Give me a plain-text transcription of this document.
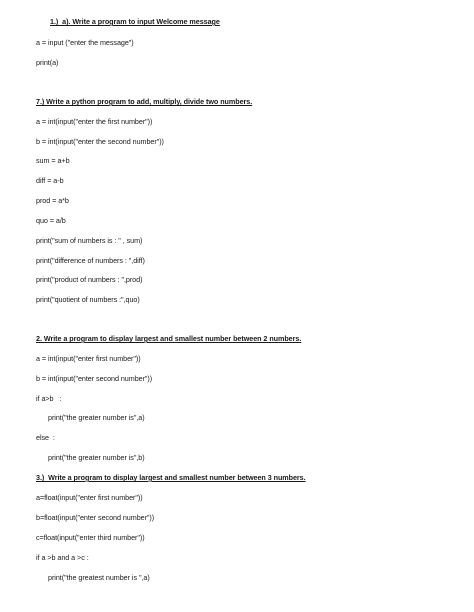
1.)  a). Write a program to input Welcome message
a = input ("enter the message")
print(a)
7.) Write a python program to add, multiply, divide two numbers.
a = int(input("enter the first number"))
b = int(input("enter the second number"))
sum = a+b
diff = a-b
prod = a*b
quo = a/b
print("sum of numbers is : " , sum)
print("difference of numbers : ",diff)
print("product of numbers : ",prod)
print("quotient of numbers :",quo)
2. Write a program to display largest and smallest number between 2 numbers.
a = int(input("enter first number"))
b = int(input("enter second number"))
if a>b   :
print("the greater number is",a)
else  :
print("the greater number is",b)
3.)  Write a program to display largest and smallest number between 3 numbers.
a=float(input("enter first number"))
b=float(input("enter second number"))
c=float(input("enter third number"))
if a >b and a >c :
print("the greatest number is ",a)
